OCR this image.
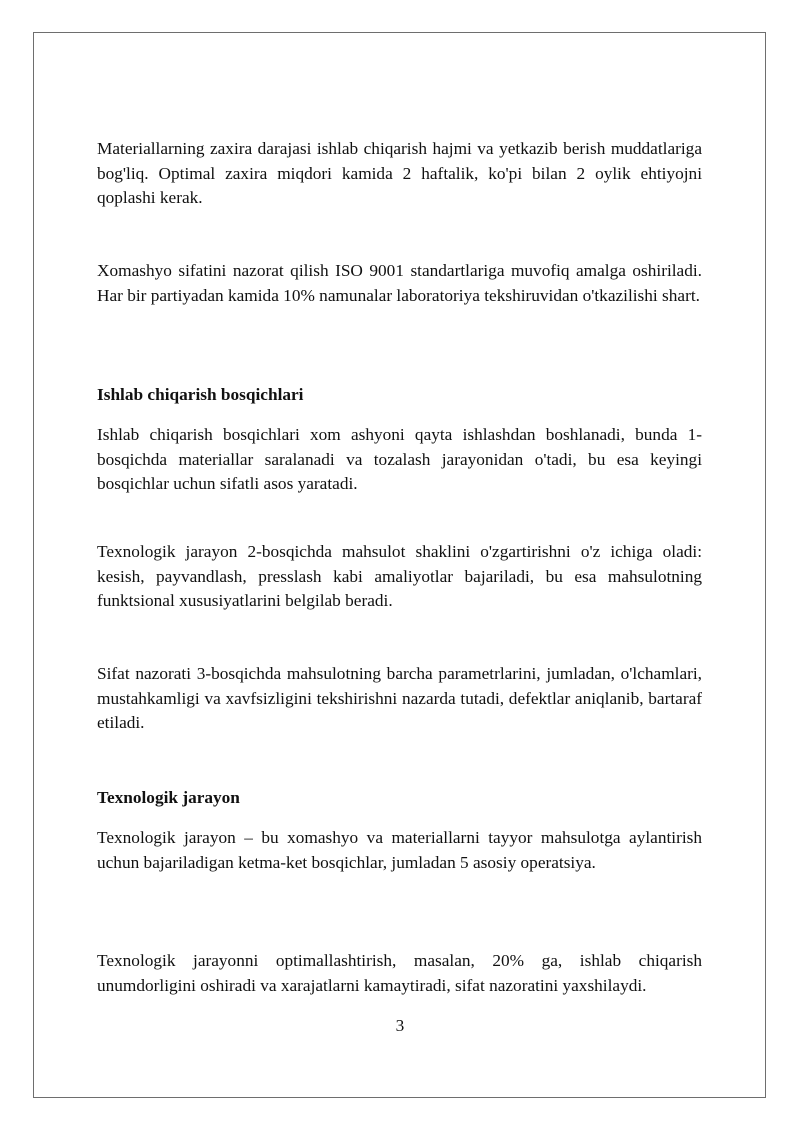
Materiallarning zaxira darajasi ishlab chiqarish hajmi va yetkazib berish muddatlariga bog'liq. Optimal zaxira miqdori kamida 2 haftalik, ko'pi bilan 2 oylik ehtiyojni qoplashi kerak.

Xomashyo sifatini nazorat qilish ISO 9001 standartlariga muvofiq amalga oshiriladi. Har bir partiyadan kamida 10% namunalar laboratoriya tekshiruvidan o'tkazilishi shart.

Ishlab chiqarish bosqichlari

Ishlab chiqarish bosqichlari xom ashyoni qayta ishlashdan boshlanadi, bunda 1-bosqichda materiallar saralanadi va tozalash jarayonidan o'tadi, bu esa keyingi bosqichlar uchun sifatli asos yaratadi.

Texnologik jarayon 2-bosqichda mahsulot shaklini o'zgartirishni o'z ichiga oladi: kesish, payvandlash, presslash kabi amaliyotlar bajariladi, bu esa mahsulotning funktsional xususiyatlarini belgilab beradi.

Sifat nazorati 3-bosqichda mahsulotning barcha parametrlarini, jumladan, o'lchamlari, mustahkamligi va xavfsizligini tekshirishni nazarda tutadi, defektlar aniqlanib, bartaraf etiladi.

Texnologik jarayon

Texnologik jarayon – bu xomashyo va materiallarni tayyor mahsulotga aylantirish uchun bajariladigan ketma-ket bosqichlar, jumladan 5 asosiy operatsiya.

Texnologik jarayonni optimallashtirish, masalan, 20% ga, ishlab chiqarish unumdorligini oshiradi va xarajatlarni kamaytiradi, sifat nazoratini yaxshilaydi.

3
